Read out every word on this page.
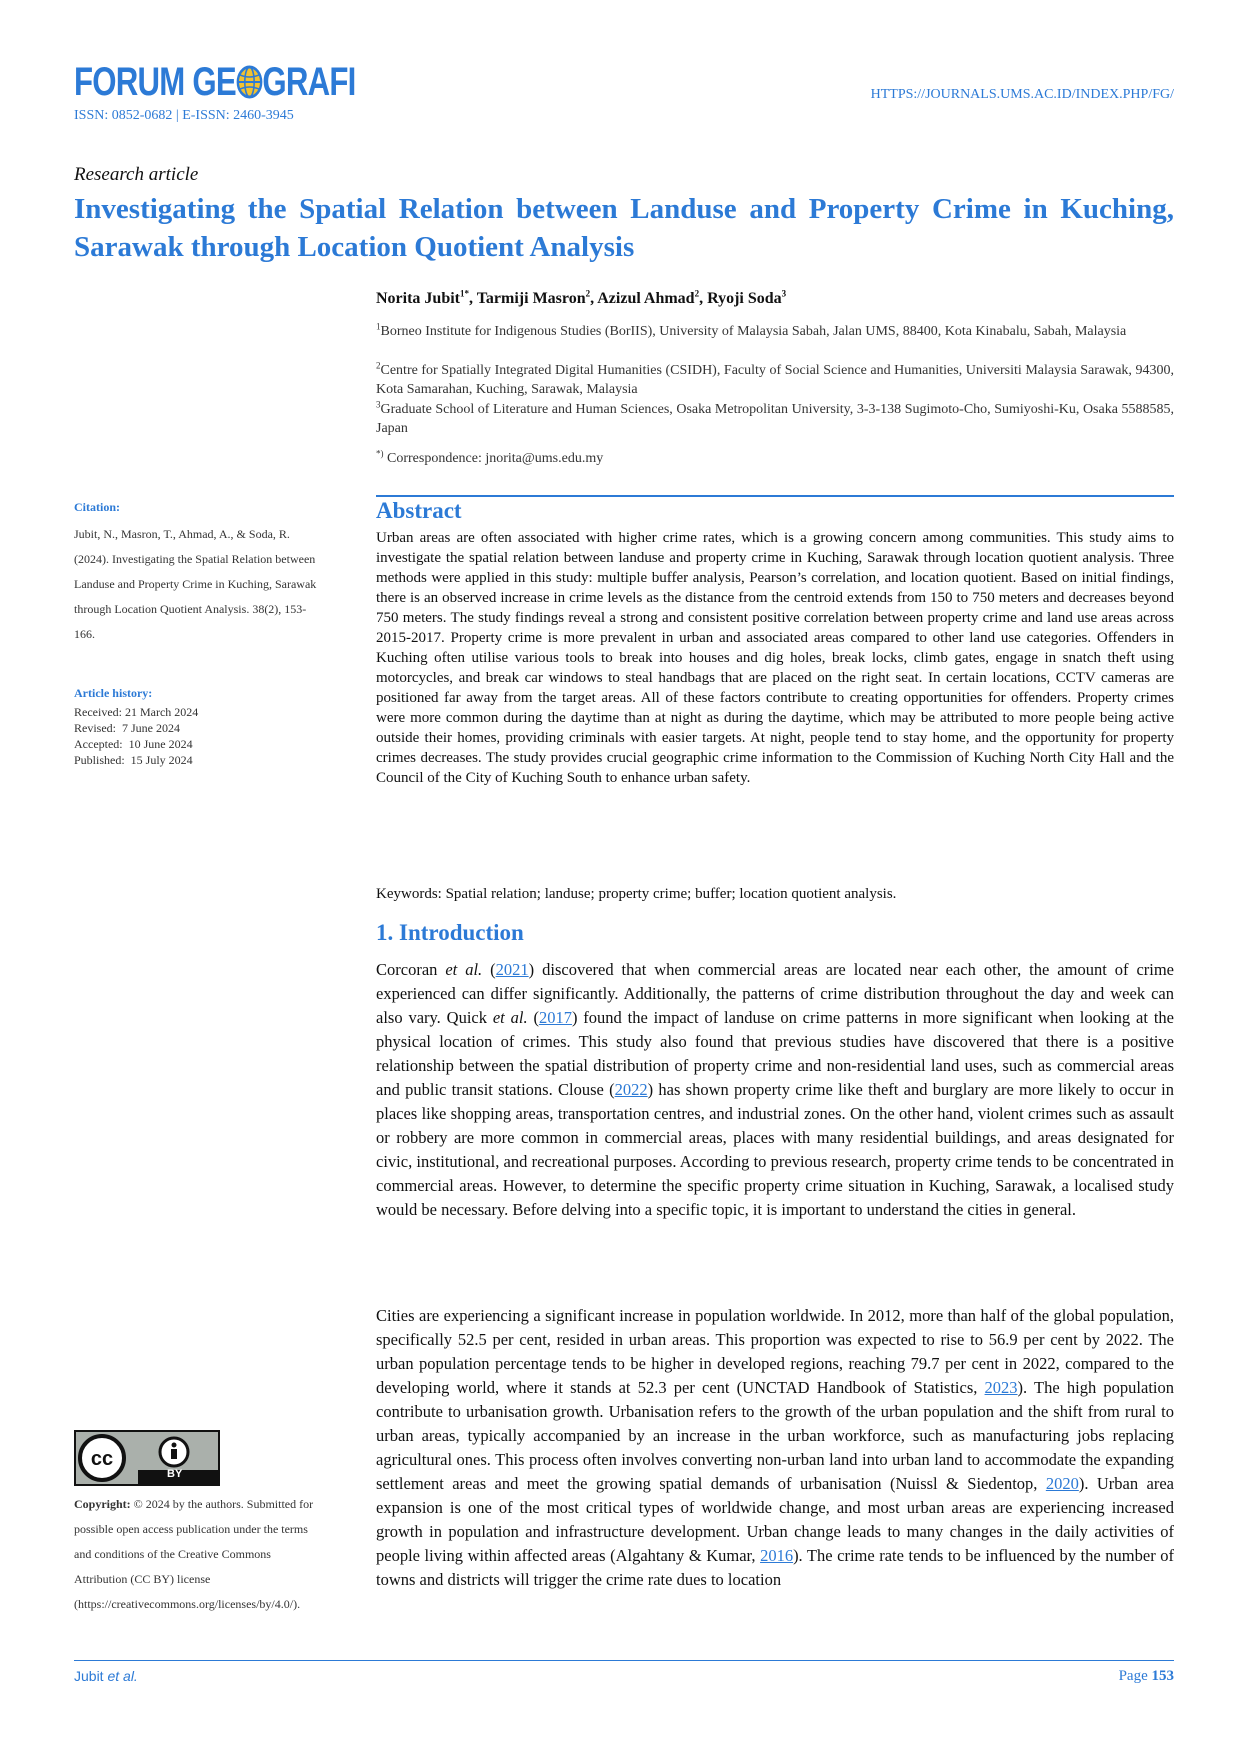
FORUM GE GRAFI
ISSN: 0852-0682 | E-ISSN: 2460-3945
HTTPS://JOURNALS.UMS.AC.ID/INDEX.PHP/FG/
Research article
Investigating the Spatial Relation between Landuse and Property Crime in Kuching, Sarawak through Location Quotient Analysis
Norita Jubit$^{1*}$, Tarmiji Masron$^2$, Azizul Ahmad$^2$, Ryoji Soda$^3$
$^1$Borneo Institute for Indigenous Studies (BorIIS), University of Malaysia Sabah, Jalan UMS, 88400, Kota Kinabalu, Sabah, Malaysia
$^2$Centre for Spatially Integrated Digital Humanities (CSIDH), Faculty of Social Science and Humanities, Universiti Malaysia Sarawak, 94300, Kota Samarahan, Kuching, Sarawak, Malaysia
$^3$Graduate School of Literature and Human Sciences, Osaka Metropolitan University, 3-3-138 Sugimoto-Cho, Sumiyoshi-Ku, Osaka 5588585, Japan
*) Correspondence: jnorita@ums.edu.my
Citation:
Jubit, N., Masron, T., Ahmad, A., & Soda, R. (2024). Investigating the Spatial Relation between Landuse and Property Crime in Kuching, Sarawak through Location Quotient Analysis. 38(2), 153-166.
Article history:
Received: 21 March 2024
Revised:  7 June 2024
Accepted:  10 June 2024
Published:  15 July 2024
cc
BY
Copyright: © 2024 by the authors. Submitted for possible open access publication under the terms and conditions of the Creative Commons Attribution (CC BY) license (https://creativecommons.org/licenses/by/4.0/).
Abstract
Urban areas are often associated with higher crime rates, which is a growing concern among communities. This study aims to investigate the spatial relation between landuse and property crime in Kuching, Sarawak through location quotient analysis. Three methods were applied in this study: multiple buffer analysis, Pearson’s correlation, and location quotient. Based on initial findings, there is an observed increase in crime levels as the distance from the centroid extends from 150 to 750 meters and decreases beyond 750 meters. The study findings reveal a strong and consistent positive correlation between property crime and land use areas across 2015-2017. Property crime is more prevalent in urban and associated areas compared to other land use categories. Offenders in Kuching often utilise various tools to break into houses and dig holes, break locks, climb gates, engage in snatch theft using motorcycles, and break car windows to steal handbags that are placed on the right seat. In certain locations, CCTV cameras are positioned far away from the target areas. All of these factors contribute to creating opportunities for offenders. Property crimes were more common during the daytime than at night as during the daytime, which may be attributed to more people being active outside their homes, providing criminals with easier targets. At night, people tend to stay home, and the opportunity for property crimes decreases. The study provides crucial geographic crime information to the Commission of Kuching North City Hall and the Council of the City of Kuching South to enhance urban safety.
Keywords: Spatial relation; landuse; property crime; buffer; location quotient analysis.
1. Introduction

Corcoran et al. (2021) discovered that when commercial areas are located near each other, the amount of crime experienced can differ significantly. Additionally, the patterns of crime distribution throughout the day and week can also vary. Quick et al. (2017) found the impact of landuse on crime patterns in more significant when looking at the physical location of crimes. This study also found that previous studies have discovered that there is a positive relationship between the spatial distribution of property crime and non-residential land uses, such as commercial areas and public transit stations. Clouse (2022) has shown property crime like theft and burglary are more likely to occur in places like shopping areas, transportation centres, and industrial zones. On the other hand, violent crimes such as assault or robbery are more common in commercial areas, places with many residential buildings, and areas designated for civic, institutional, and recreational purposes. According to previous research, property crime tends to be concentrated in commercial areas. However, to determine the specific property crime situation in Kuching, Sarawak, a localised study would be necessary. Before delving into a specific topic, it is important to understand the cities in general.

Cities are experiencing a significant increase in population worldwide. In 2012, more than half of the global population, specifically 52.5 per cent, resided in urban areas. This proportion was expected to rise to 56.9 per cent by 2022. The urban population percentage tends to be higher in developed regions, reaching 79.7 per cent in 2022, compared to the developing world, where it stands at 52.3 per cent (UNCTAD Handbook of Statistics, 2023). The high population contribute to urbanisation growth. Urbanisation refers to the growth of the urban population and the shift from rural to urban areas, typically accompanied by an increase in the urban workforce, such as manufacturing jobs replacing agricultural ones. This process often involves converting non-urban land into urban land to accommodate the expanding settlement areas and meet the growing spatial demands of urbanisation (Nuissl & Siedentop, 2020). Urban area expansion is one of the most critical types of worldwide change, and most urban areas are experiencing increased growth in population and infrastructure development. Urban change leads to many changes in the daily activities of people living within affected areas (Algahtany & Kumar, 2016). The crime rate tends to be influenced by the number of towns and districts will trigger the crime rate dues to location

Jubit et al.	Page 153
